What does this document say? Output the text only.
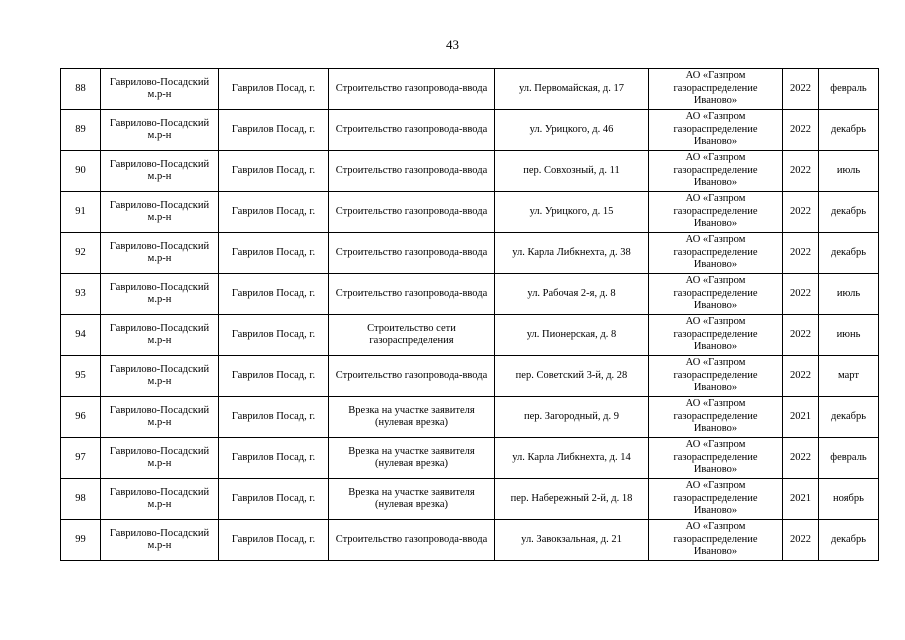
43
88	Гаврилово-Посадский м.р-н	Гаврилов Посад, г.	Строительство газопровода-ввода	ул. Первомайская, д. 17	АО «Газпром газораспределение Иваново»	2022	февраль
89	Гаврилово-Посадский м.р-н	Гаврилов Посад, г.	Строительство газопровода-ввода	ул. Урицкого, д. 46	АО «Газпром газораспределение Иваново»	2022	декабрь
90	Гаврилово-Посадский м.р-н	Гаврилов Посад, г.	Строительство газопровода-ввода	пер. Совхозный, д. 11	АО «Газпром газораспределение Иваново»	2022	июль
91	Гаврилово-Посадский м.р-н	Гаврилов Посад, г.	Строительство газопровода-ввода	ул. Урицкого, д. 15	АО «Газпром газораспределение Иваново»	2022	декабрь
92	Гаврилово-Посадский м.р-н	Гаврилов Посад, г.	Строительство газопровода-ввода	ул. Карла Либкнехта, д. 38	АО «Газпром газораспределение Иваново»	2022	декабрь
93	Гаврилово-Посадский м.р-н	Гаврилов Посад, г.	Строительство газопровода-ввода	ул. Рабочая 2-я, д. 8	АО «Газпром газораспределение Иваново»	2022	июль
94	Гаврилово-Посадский м.р-н	Гаврилов Посад, г.	Строительство сети газораспределения	ул. Пионерская, д. 8	АО «Газпром газораспределение Иваново»	2022	июнь
95	Гаврилово-Посадский м.р-н	Гаврилов Посад, г.	Строительство газопровода-ввода	пер. Советский 3-й, д. 28	АО «Газпром газораспределение Иваново»	2022	март
96	Гаврилово-Посадский м.р-н	Гаврилов Посад, г.	Врезка на участке заявителя (нулевая врезка)	пер. Загородный, д. 9	АО «Газпром газораспределение Иваново»	2021	декабрь
97	Гаврилово-Посадский м.р-н	Гаврилов Посад, г.	Врезка на участке заявителя (нулевая врезка)	ул. Карла Либкнехта, д. 14	АО «Газпром газораспределение Иваново»	2022	февраль
98	Гаврилово-Посадский м.р-н	Гаврилов Посад, г.	Врезка на участке заявителя (нулевая врезка)	пер. Набережный 2-й, д. 18	АО «Газпром газораспределение Иваново»	2021	ноябрь
99	Гаврилово-Посадский м.р-н	Гаврилов Посад, г.	Строительство газопровода-ввода	ул. Завокзальная, д. 21	АО «Газпром газораспределение Иваново»	2022	декабрь
